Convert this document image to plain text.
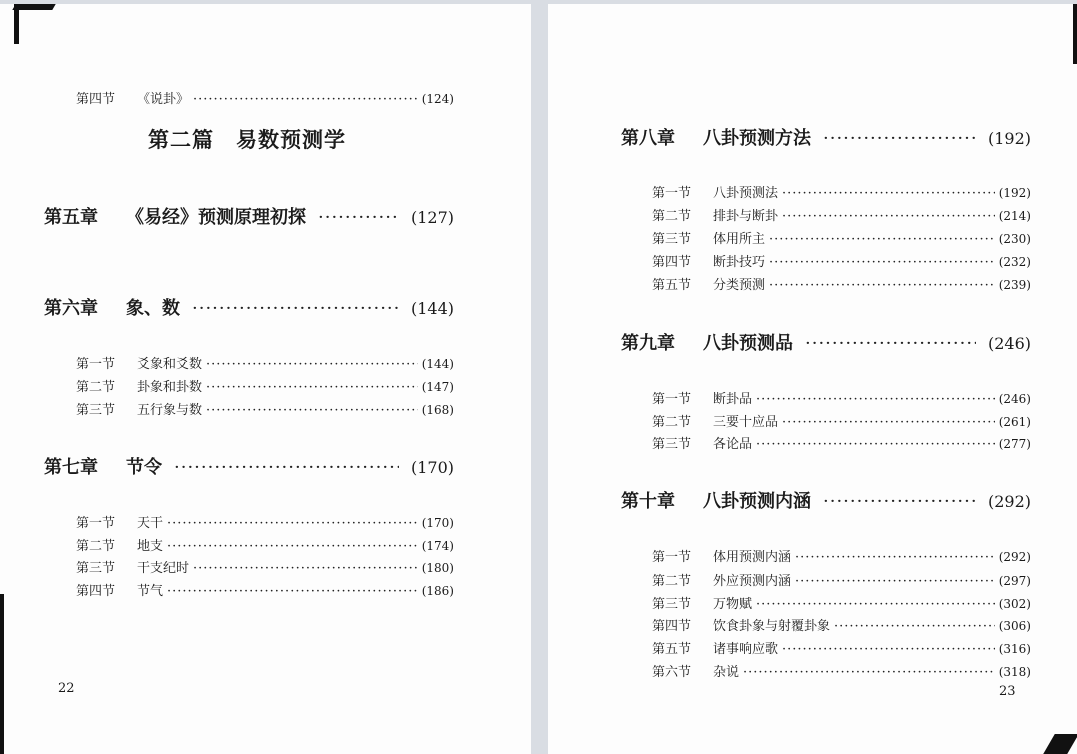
第四节	《说卦》 ·····	(124)
第二篇　易数预测学
第五章	《易经》预测原理初探 ·····	(127)
第六章	象、数 ·····	(144)
第一节	爻象和爻数 ·····	(144)
第二节	卦象和卦数 ·····	(147)
第三节	五行象与数 ·····	(168)
第七章	节令 ·····	(170)
第一节	天干 ·····	(170)
第二节	地支 ·····	(174)
第三节	干支纪时 ·····	(180)
第四节	节气 ·····	(186)
22
第八章	八卦预测方法 ·····	(192)
第一节	八卦预测法 ·····	(192)
第二节	排卦与断卦 ·····	(214)
第三节	体用所主 ·····	(230)
第四节	断卦技巧 ·····	(232)
第五节	分类预测 ·····	(239)
第九章	八卦预测品 ·····	(246)
第一节	断卦品 ·····	(246)
第二节	三要十应品 ·····	(261)
第三节	各论品 ·····	(277)
第十章	八卦预测内涵 ·····	(292)
第一节	体用预测内涵 ·····	(292)
第二节	外应预测内涵 ·····	(297)
第三节	万物赋 ·····	(302)
第四节	饮食卦象与射覆卦象 ·····	(306)
第五节	诸事响应歌 ·····	(316)
第六节	杂说 ·····	(318)
23
